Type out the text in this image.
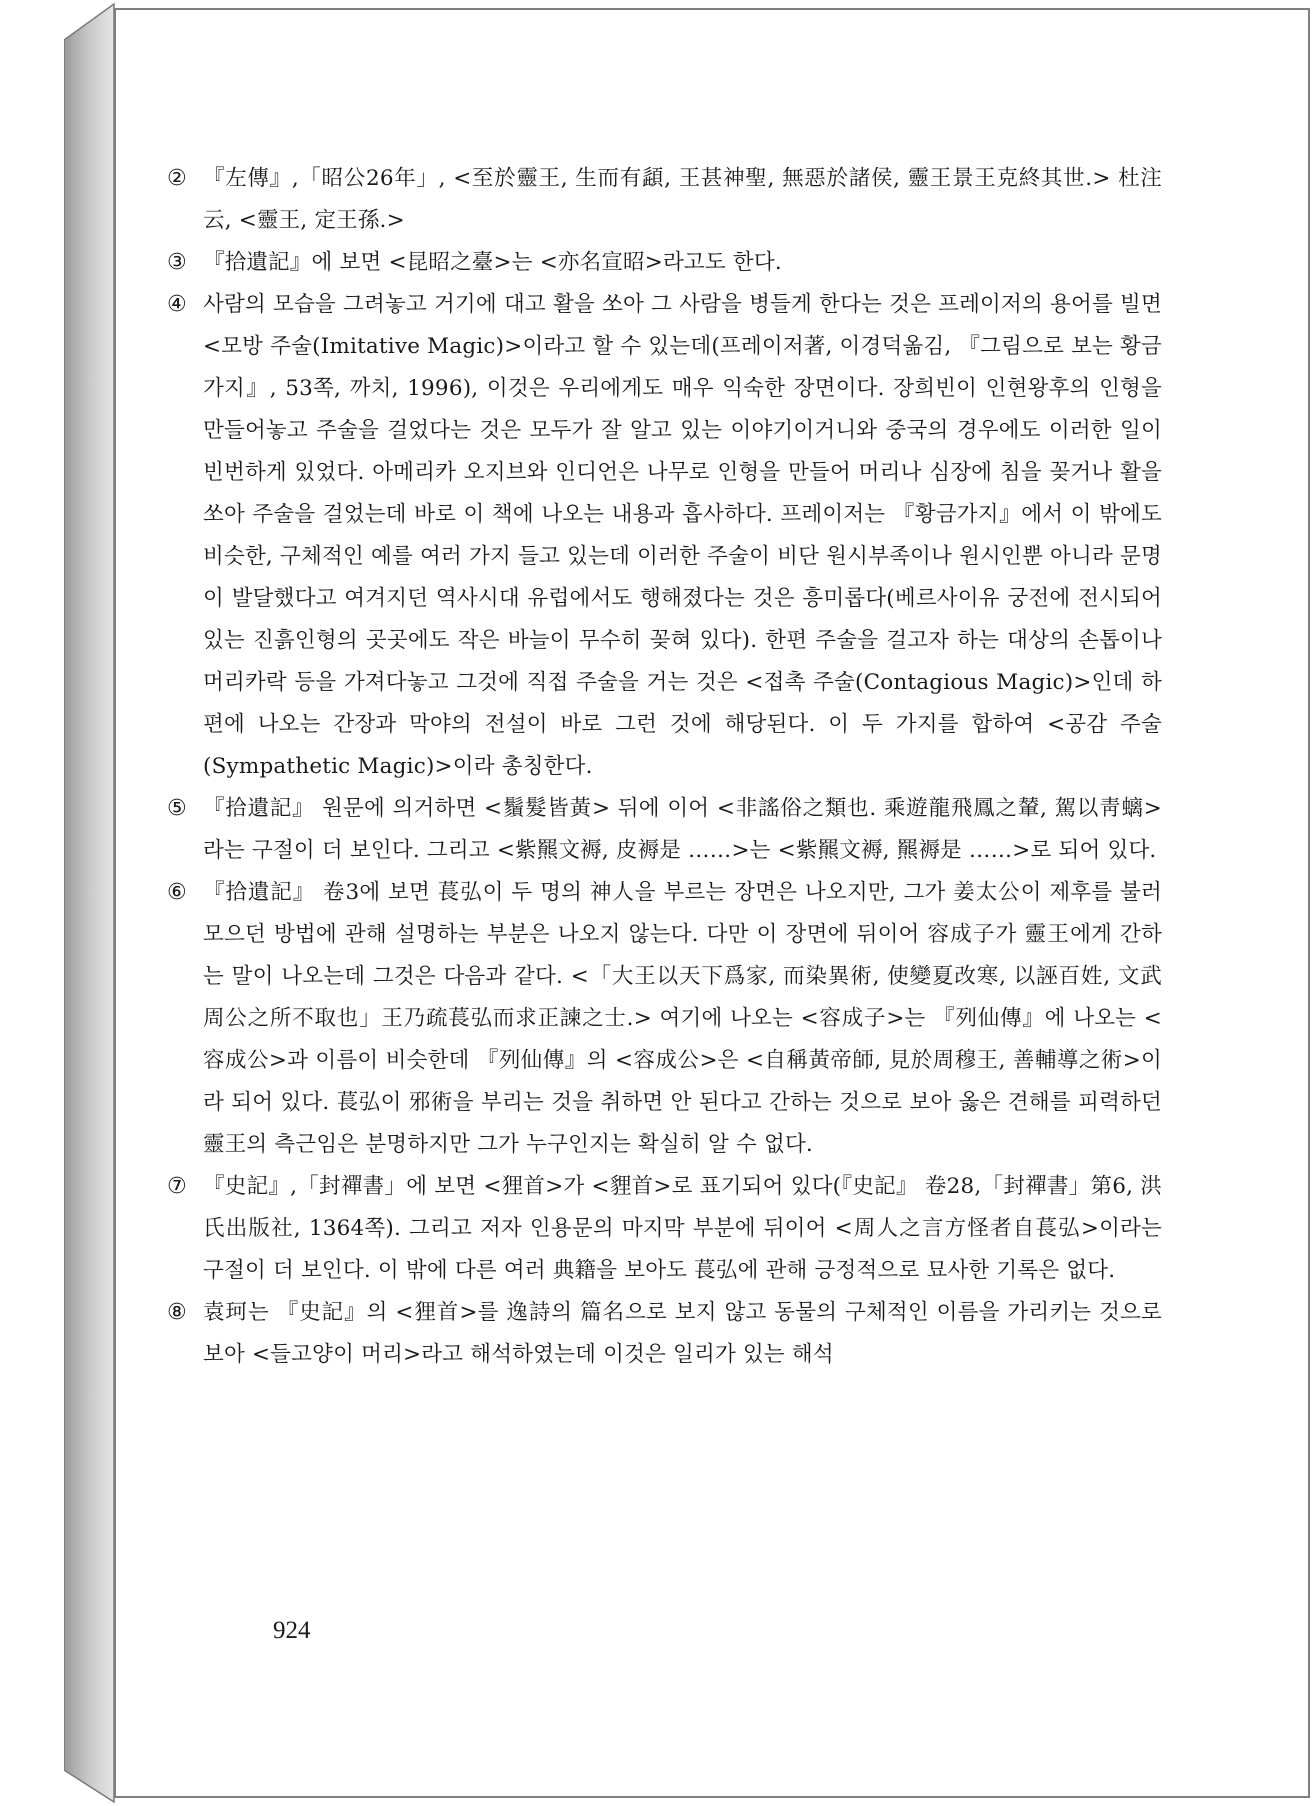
② 『左傳』,「昭公26年」, <至於靈王, 生而有頿, 王甚神聖, 無惡於諸侯, 靈王景王克終其世.> 杜注云, <靈王, 定王孫.>
③ 『拾遺記』에 보면 <昆昭之臺>는 <亦名宣昭>라고도 한다.
④ 사람의 모습을 그려놓고 거기에 대고 활을 쏘아 그 사람을 병들게 한다는 것은 프레이저의 용어를 빌면 <모방 주술(Imitative Magic)>이라고 할 수 있는데(프레이저著, 이경덕옮김, 『그림으로 보는 황금가지』, 53쪽, 까치, 1996), 이것은 우리에게도 매우 익숙한 장면이다. 장희빈이 인현왕후의 인형을 만들어놓고 주술을 걸었다는 것은 모두가 잘 알고 있는 이야기이거니와 중국의 경우에도 이러한 일이 빈번하게 있었다. 아메리카 오지브와 인디언은 나무로 인형을 만들어 머리나 심장에 침을 꽂거나 활을 쏘아 주술을 걸었는데 바로 이 책에 나오는 내용과 흡사하다. 프레이저는 『황금가지』에서 이 밖에도 비슷한, 구체적인 예를 여러 가지 들고 있는데 이러한 주술이 비단 원시부족이나 원시인뿐 아니라 문명이 발달했다고 여겨지던 역사시대 유럽에서도 행해졌다는 것은 흥미롭다(베르사이유 궁전에 전시되어 있는 진흙인형의 곳곳에도 작은 바늘이 무수히 꽂혀 있다). 한편 주술을 걸고자 하는 대상의 손톱이나 머리카락 등을 가져다놓고 그것에 직접 주술을 거는 것은 <접촉 주술(Contagious Magic)>인데 하편에 나오는 간장과 막야의 전설이 바로 그런 것에 해당된다. 이 두 가지를 합하여 <공감 주술(Sympathetic Magic)>이라 총칭한다.
⑤ 『拾遺記』 원문에 의거하면 <鬚髮皆黃> 뒤에 이어 <非謠俗之類也. 乘遊龍飛鳳之輦, 駕以靑螭>라는 구절이 더 보인다. 그리고 <紫羆文褥, 皮褥是 ……>는 <紫羆文褥, 羆褥是 ……>로 되어 있다.
⑥ 『拾遺記』 卷3에 보면 萇弘이 두 명의 神人을 부르는 장면은 나오지만, 그가 姜太公이 제후를 불러모으던 방법에 관해 설명하는 부분은 나오지 않는다. 다만 이 장면에 뒤이어 容成子가 靈王에게 간하는 말이 나오는데 그것은 다음과 같다. <「大王以天下爲家, 而染異術, 使變夏改寒, 以誣百姓, 文武周公之所不取也」王乃疏萇弘而求正諫之士.> 여기에 나오는 <容成子>는 『列仙傳』에 나오는 <容成公>과 이름이 비슷한데 『列仙傳』의 <容成公>은 <自稱黃帝師, 見於周穆王, 善輔導之術>이라 되어 있다. 萇弘이 邪術을 부리는 것을 취하면 안 된다고 간하는 것으로 보아 옳은 견해를 피력하던 靈王의 측근임은 분명하지만 그가 누구인지는 확실히 알 수 없다.
⑦ 『史記』,「封禪書」에 보면 <狸首>가 <貍首>로 표기되어 있다(『史記』 卷28,「封禪書」第6, 洪氏出版社, 1364쪽). 그리고 저자 인용문의 마지막 부분에 뒤이어 <周人之言方怪者自萇弘>이라는 구절이 더 보인다. 이 밖에 다른 여러 典籍을 보아도 萇弘에 관해 긍정적으로 묘사한 기록은 없다.
⑧ 袁珂는 『史記』의 <狸首>를 逸詩의 篇名으로 보지 않고 동물의 구체적인 이름을 가리키는 것으로 보아 <들고양이 머리>라고 해석하였는데 이것은 일리가 있는 해석
924
